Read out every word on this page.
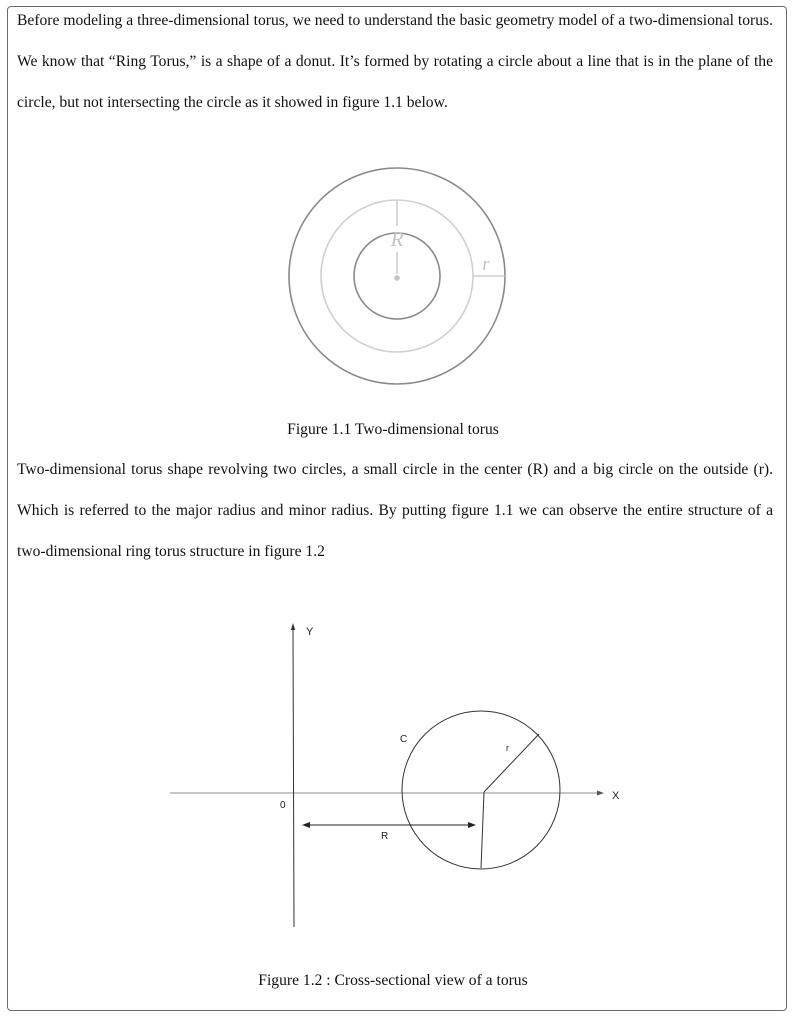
Before modeling a three-dimensional torus, we need to understand the basic geometry model of a two-dimensional torus. We know that “Ring Torus,” is a shape of a donut. It’s formed by rotating a circle about a line that is in the plane of the circle, but not intersecting the circle as it showed in figure 1.1 below.

R
r
X
Y
0
C
r
R
Figure 1.1 Two-dimensional torus

Two-dimensional torus shape revolving two circles, a small circle in the center (R) and a big circle on the outside (r). Which is referred to the major radius and minor radius. By putting figure 1.1 we can observe the entire structure of a two-dimensional ring torus structure in figure 1.2

Figure 1.2 : Cross-sectional view of a torus
